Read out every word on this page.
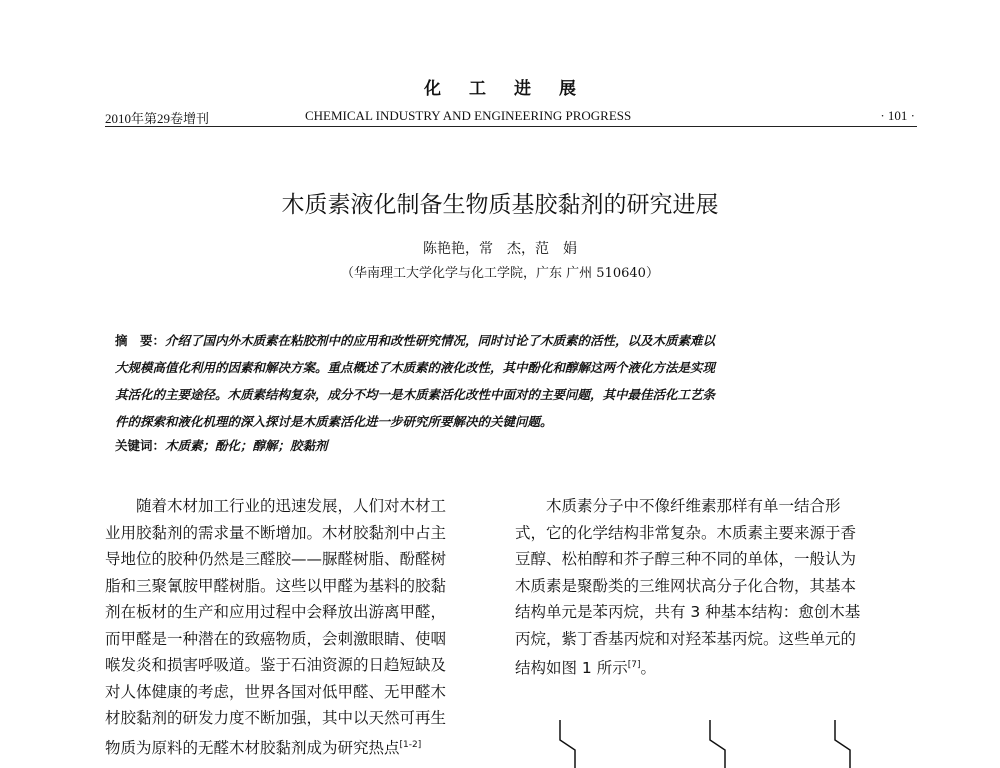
化工进展
2010年第29卷增刊	CHEMICAL INDUSTRY AND ENGINEERING PROGRESS	· 101 ·
木质素液化制备生物质基胶黏剂的研究进展
陈艳艳，常　杰，范　娟
（华南理工大学化学与化工学院，广东 广州 510640）
摘　要：介绍了国内外木质素在粘胶剂中的应用和改性研究情况，同时讨论了木质素的活性，以及木质素难以
大规模高值化利用的因素和解决方案。重点概述了木质素的液化改性，其中酚化和醇解这两个液化方法是实现
其活化的主要途径。木质素结构复杂，成分不均一是木质素活化改性中面对的主要问题，其中最佳活化工艺条
件的探索和液化机理的深入探讨是木质素活化进一步研究所要解决的关键问题。
关键词：木质素；酚化；醇解；胶黏剂
　　随着木材加工行业的迅速发展，人们对木材工
业用胶黏剂的需求量不断增加。木材胶黏剂中占主
导地位的胶种仍然是三醛胶——脲醛树脂、酚醛树
脂和三聚氰胺甲醛树脂。这些以甲醛为基料的胶黏
剂在板材的生产和应用过程中会释放出游离甲醛，
而甲醛是一种潜在的致癌物质，会刺激眼睛、使咽
喉发炎和损害呼吸道。鉴于石油资源的日趋短缺及
对人体健康的考虑，世界各国对低甲醛、无甲醛木
材胶黏剂的研发力度不断加强，其中以天然可再生
物质为原料的无醛木材胶黏剂成为研究热点[1-2]
　　木质素分子中不像纤维素那样有单一结合形
式，它的化学结构非常复杂。木质素主要来源于香
豆醇、松柏醇和芥子醇三种不同的单体，一般认为
木质素是聚酚类的三维网状高分子化合物，其基本
结构单元是苯丙烷，共有 3 种基本结构：愈创木基
丙烷，紫丁香基丙烷和对羟苯基丙烷。这些单元的
结构如图 1 所示[7]。
